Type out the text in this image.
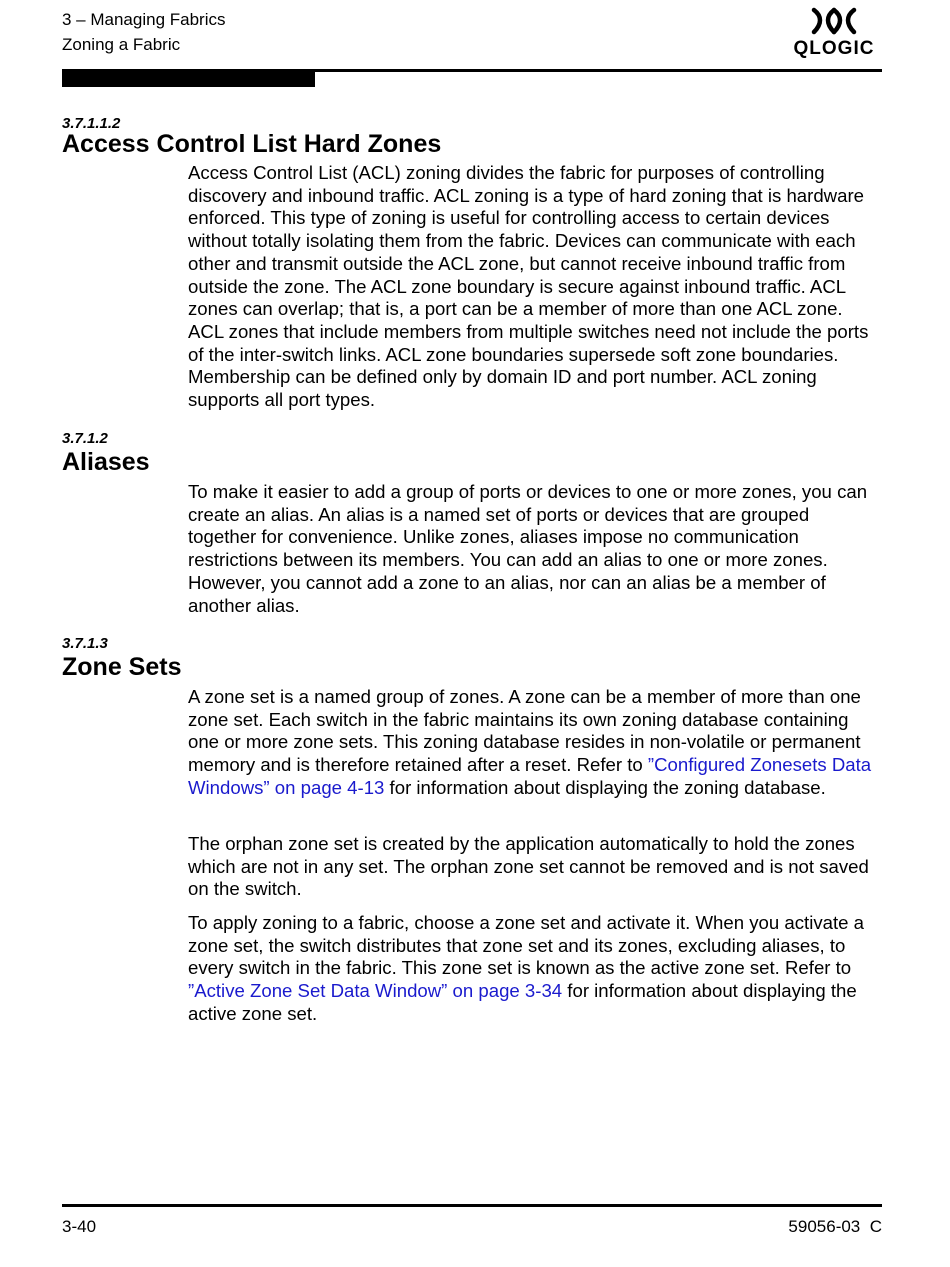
3 – Managing Fabrics
Zoning a Fabric	QLOGIC
3.7.1.1.2
Access Control List Hard Zones

Access Control List (ACL) zoning divides the fabric for purposes of controlling discovery and inbound traffic. ACL zoning is a type of hard zoning that is hardware enforced. This type of zoning is useful for controlling access to certain devices without totally isolating them from the fabric. Devices can communicate with each other and transmit outside the ACL zone, but cannot receive inbound traffic from outside the zone. The ACL zone boundary is secure against inbound traffic. ACL zones can overlap; that is, a port can be a member of more than one ACL zone. ACL zones that include members from multiple switches need not include the ports of the inter-switch links. ACL zone boundaries supersede soft zone boundaries. Membership can be defined only by domain ID and port number. ACL zoning supports all port types.

3.7.1.2
Aliases

To make it easier to add a group of ports or devices to one or more zones, you can create an alias. An alias is a named set of ports or devices that are grouped together for convenience. Unlike zones, aliases impose no communication restrictions between its members. You can add an alias to one or more zones. However, you cannot add a zone to an alias, nor can an alias be a member of another alias.

3.7.1.3
Zone Sets

A zone set is a named group of zones. A zone can be a member of more than one zone set. Each switch in the fabric maintains its own zoning database containing one or more zone sets. This zoning database resides in non-volatile or permanent memory and is therefore retained after a reset. Refer to ”Configured Zonesets Data Windows” on page 4-13 for information about displaying the zoning database.

The orphan zone set is created by the application automatically to hold the zones which are not in any set. The orphan zone set cannot be removed and is not saved on the switch.

To apply zoning to a fabric, choose a zone set and activate it. When you activate a zone set, the switch distributes that zone set and its zones, excluding aliases, to every switch in the fabric. This zone set is known as the active zone set. Refer to ”Active Zone Set Data Window” on page 3-34 for information about displaying the active zone set.

3-40	59056-03  C
